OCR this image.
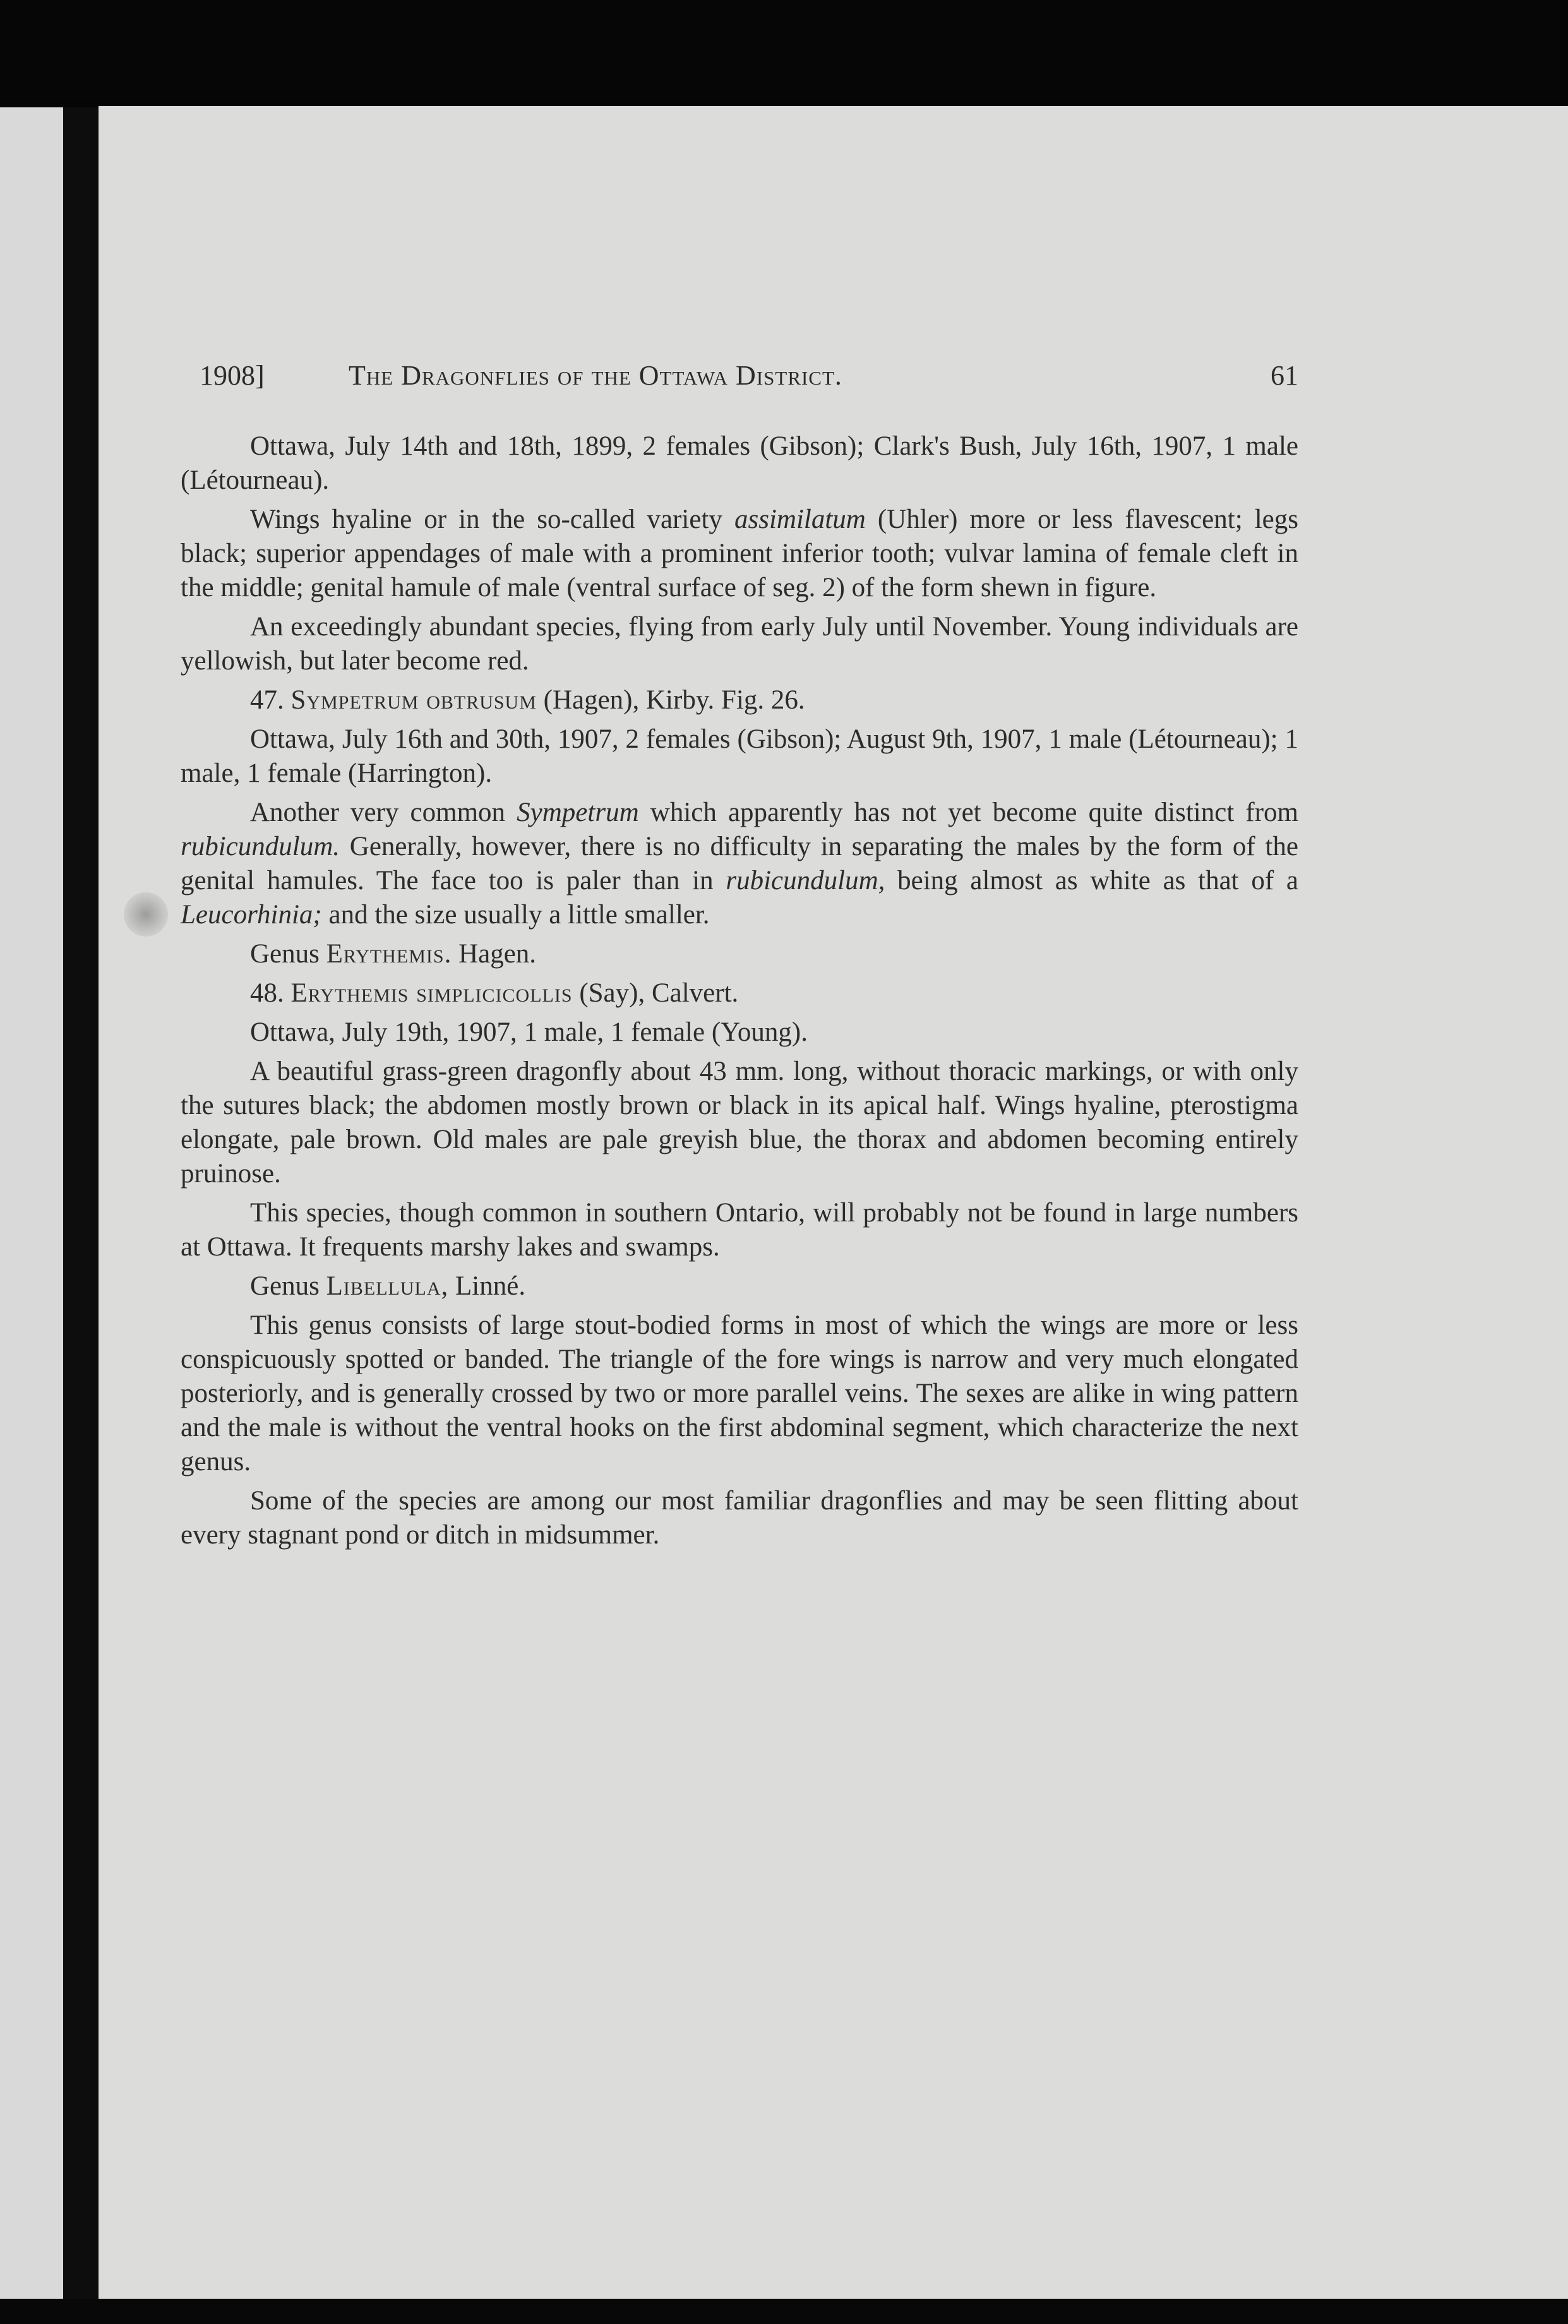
1908]	The Dragonflies of the Ottawa District.	61

Ottawa, July 14th and 18th, 1899, 2 females (Gibson); Clark's Bush, July 16th, 1907, 1 male (Létourneau).

Wings hyaline or in the so-called variety assimilatum (Uhler) more or less flavescent; legs black; superior appendages of male with a prominent inferior tooth; vulvar lamina of female cleft in the middle; genital hamule of male (ventral surface of seg. 2) of the form shewn in figure.

An exceedingly abundant species, flying from early July until November. Young individuals are yellowish, but later become red.

47. Sympetrum obtrusum (Hagen), Kirby. Fig. 26.

Ottawa, July 16th and 30th, 1907, 2 females (Gibson); August 9th, 1907, 1 male (Létourneau); 1 male, 1 female (Harrington).

Another very common Sympetrum which apparently has not yet become quite distinct from rubicundulum. Generally, however, there is no difficulty in separating the males by the form of the genital hamules. The face too is paler than in rubicundulum, being almost as white as that of a Leucorhinia; and the size usually a little smaller.

Genus Erythemis. Hagen.

48. Erythemis simplicicollis (Say), Calvert.

Ottawa, July 19th, 1907, 1 male, 1 female (Young).

A beautiful grass-green dragonfly about 43 mm. long, without thoracic markings, or with only the sutures black; the abdomen mostly brown or black in its apical half. Wings hyaline, pterostigma elongate, pale brown. Old males are pale greyish blue, the thorax and abdomen becoming entirely pruinose.

This species, though common in southern Ontario, will probably not be found in large numbers at Ottawa. It frequents marshy lakes and swamps.

Genus Libellula, Linné.

This genus consists of large stout-bodied forms in most of which the wings are more or less conspicuously spotted or banded. The triangle of the fore wings is narrow and very much elongated posteriorly, and is generally crossed by two or more parallel veins. The sexes are alike in wing pattern and the male is without the ventral hooks on the first abdominal segment, which characterize the next genus.

Some of the species are among our most familiar dragonflies and may be seen flitting about every stagnant pond or ditch in midsummer.
